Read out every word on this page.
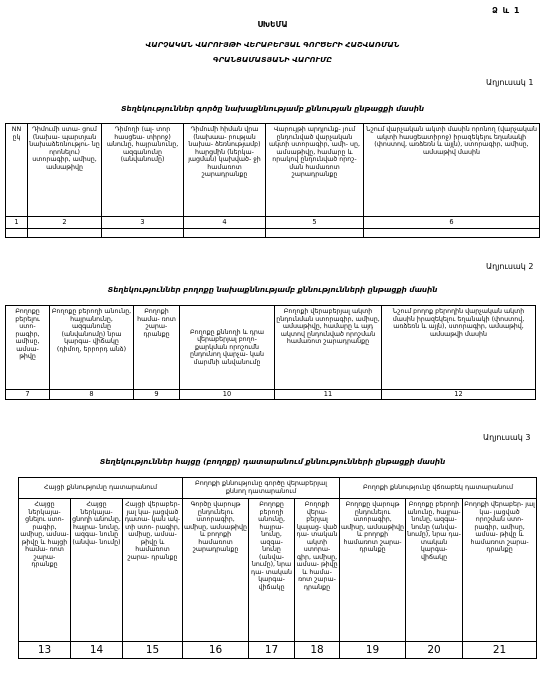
Ձ և 1
ՍԽԵՄԱ
ՎԱՐՉԱԿԱՆ ՎԱՐՈՒՅԹԻ ՎԵՐԱԲԵՐՅԱԼ ԳՈՐԾԵՐԻ ՀԱՇՎԱՌՄԱՆ
ԳՐԱՆՑԱՄԱՏՅԱՆԻ ՎԱՐՈՒՄԸ
Աղյուսակ 1
Տեղեկություններ գործը նախաքննությամբ քննության ընթացքի մասին
NN ըկ	Դիմումի ստա- ցում (նախա- պարտյան նախաձեռնությու- նը որոնելու) ստորագիր, ամիսը, ամսաթիվը	Դիմողի (ալ- տոր հասցեա- տիրոջ) անունը, հայրանունը, ազգանունը (անվանումը)	Դիմումի հիման վրա (նախաա- րության նախա- ձեռնությամբ) հարցմին (ներկա- յացման) կախված- ջի համառոտ շարադրանքը	Վարույթի արդյունք- յում ընդունված վարչական ակտի ստորագիր, ամի- սը, ամսաթիվը, համարը և որակով ընդունված որոշ- ման համառոտ շարադրանքը	Նշում վարչական ակտի մասին որոնող (վարչական ակտի հասցեատիրոջ) իրազեկելու եղանակի (փոստով, առձեռն և այլն), ստորագիր, ամիսը, ամսաթիվ մասին
1	2	3	4	5	6

Աղյուսակ 2
Տեղեկություններ բողոքը նախաքննությամբ քննությունների ընթացքի մասին
Բողոքը բերելու ստո- րագիր, ամիսը, ամսա- թիվը	Բողոքը բերողի անունը, հայրանունը, ազգանունը (անվանումը) նրա կարգա- վիճակը (դիմող, երրորդ անձ)	Բողոքի համա- ռոտ շարա- դրանքը	Բողոքը քննողի և դրա վերաբերյալ բողո- քարկման որոշումն ընդունող վարչա- կան մարմնի անվանումը	Բողոքի վերաբերյալ ակտի ընդունման ստորագիր, ամիսը, ամսաթիվը, համարը և այդ ակտով ընդունված որոշման համառոտ շարադրանքը	Նշում բողոք բերողին վարչական ակտի մասին իրազեկելու եղանակի (փոստով, առձեռն և այլն), ստորագիր, ամսաթիվ, ամսաթվի մասին
7	8	9	10	11	12
Աղյուսակ 3
Տեղեկություններ հայցը (բողոքը) դատարանում քննությունների ընթացքի մասին
Հայցի քննությունը դատարանում			Բողոքի քննությունը գործը վերաբերյալ քննող դատարանում			Բողոքի քննությունը վճռաբեկ դատարանում		
Հայցը ներկայա- ցնելու ստո- րագիր, ամիսը, ամսա- թիվը և հայցի համա- ռոտ շարա- դրանքը	Հայցը ներկայա- ցնողի անունը, հայրա- նունը, ազգա- նունը (անվա- նումը)	Հայցի վերաբեր- յալ կա- յացված դատա- կան ակ- տի ստո- րագիր, ամիսը, ամսա- թիվը և համառոտ շարա- դրանքը	Գործը վարույթ ընդունելու ստորագիր, ամիսը, ամսաթիվը և բողոքի համառոտ շարադրանքը	Բողոքը բերողի անունը, հայրա- նունը, ազգա- նունը (անվա- նումը), նրա դա- տական կարգա- վիճակը	Բողոքի վերա- բերյալ կայաց- ված դա- տական ակտի ստորա- գիր, ամիսը, ամսա- թիվը և համա- ռոտ շարա- դրանքը	Բողոքը վարույթ ընդունելու ստորագիր, ամիսը, ամսաթիվը և բողոքի համառոտ շարա- դրանքը	Բողոքը բերողի անունը, հայրա- նունը, ազգա- նունը (անվա- նումը), նրա դա- տական կարգա- վիճակը	Բողոքի վերաբեր- յալ կա- յացված որոշման ստո- րագիր, ամիսը, ամսա- թիվը և համառոտ շարա- դրանքը
13	14	15	16	17	18	19	20	21
